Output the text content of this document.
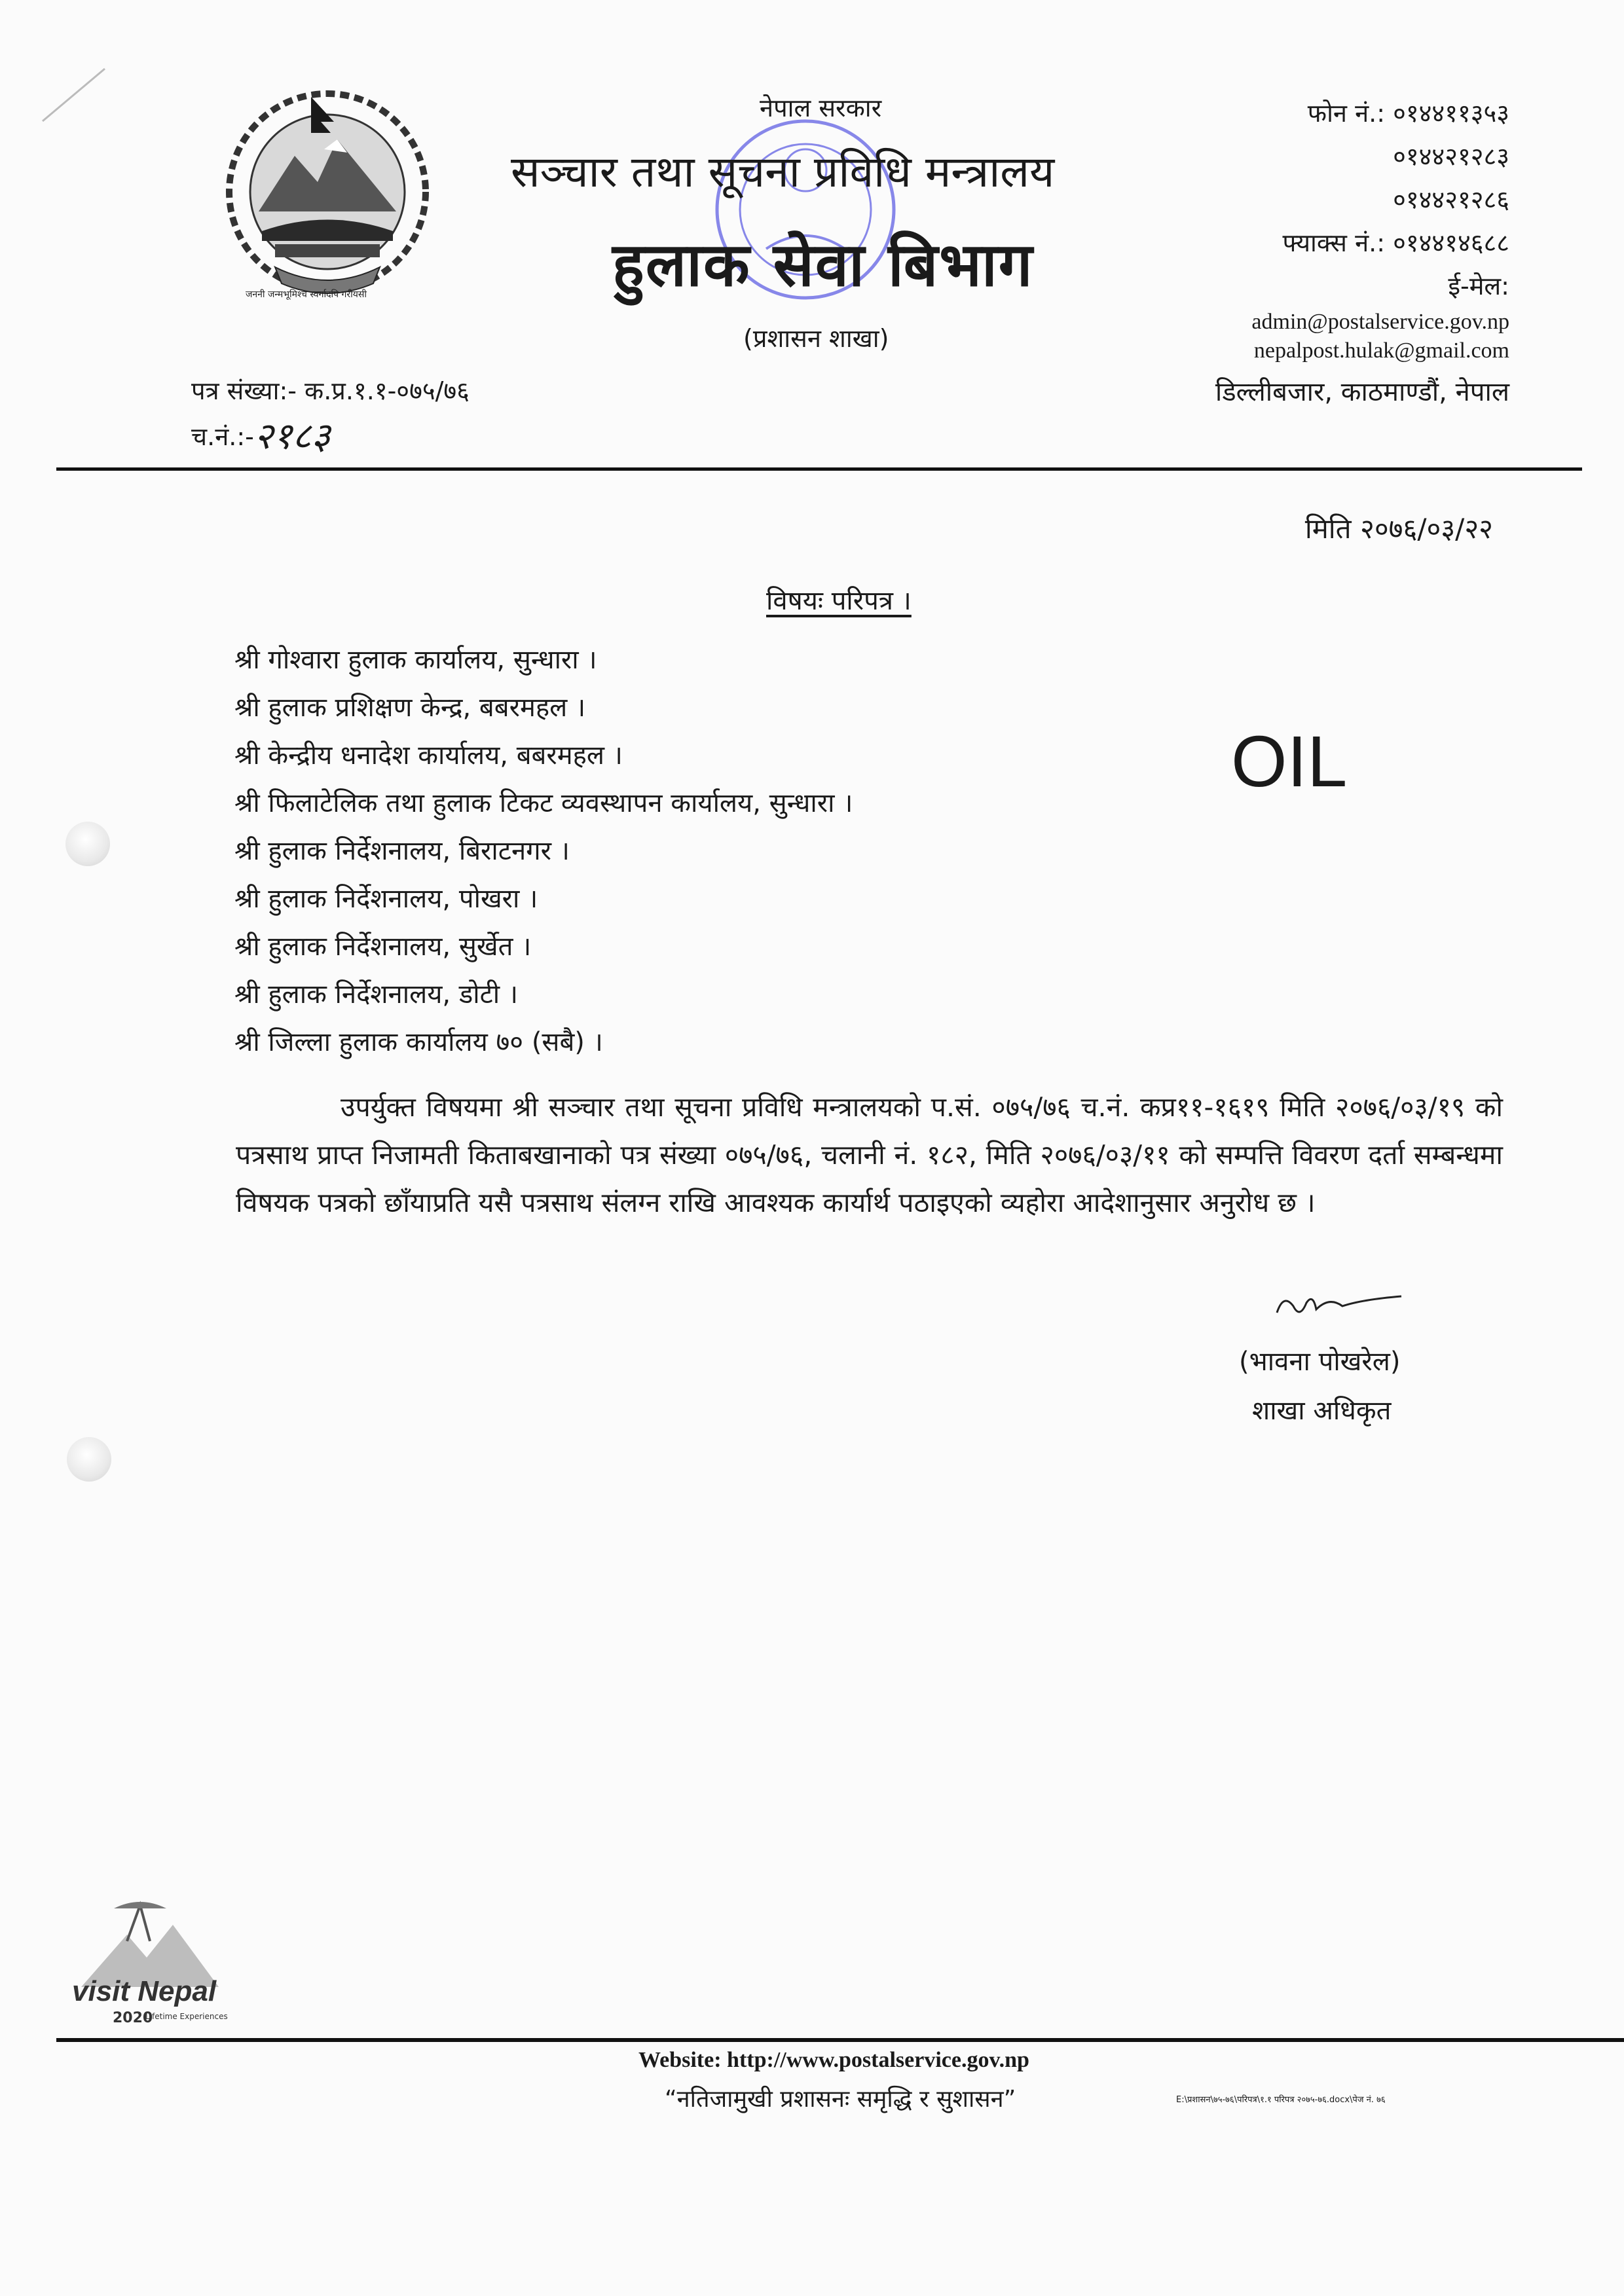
जननी जन्मभूमिश्च स्वर्गादपि गरीयसी
नेपाल सरकार
सञ्चार तथा सूचना प्रविधि मन्त्रालय
हुलाक सेवा बिभाग
(प्रशासन शाखा)
फोन नं.: ०१४४११३५३
०१४४२१२८३
०१४४२१२८६
फ्याक्स नं.: ०१४४१४६८८
ई-मेल:
admin@postalservice.gov.np
nepalpost.hulak@gmail.com
डिल्लीबजार, काठमाण्डौं, नेपाल
पत्र संख्या:- क.प्र.१.१-०७५/७६
च.नं.:- २१८३
मिति २०७६/०३/२२
विषयः परिपत्र ।
श्री गोश्वारा हुलाक कार्यालय, सुन्धारा ।
श्री हुलाक प्रशिक्षण केन्द्र, बबरमहल ।
श्री केन्द्रीय धनादेश कार्यालय, बबरमहल ।
श्री फिलाटेलिक तथा हुलाक टिकट व्यवस्थापन कार्यालय, सुन्धारा ।
श्री हुलाक निर्देशनालय, बिराटनगर ।
श्री हुलाक निर्देशनालय, पोखरा ।
श्री हुलाक निर्देशनालय, सुर्खेत ।
श्री हुलाक निर्देशनालय, डोटी ।
श्री जिल्ला हुलाक कार्यालय ७० (सबै) ।
OIL

उपर्युक्त विषयमा श्री सञ्चार तथा सूचना प्रविधि मन्त्रालयको प.सं. ०७५/७६ च.नं. कप्र११-१६१९ मिति २०७६/०३/१९ को पत्रसाथ प्राप्त निजामती किताबखानाको पत्र संख्या ०७५/७६, चलानी नं. १८२, मिति २०७६/०३/११ को सम्पत्ति विवरण दर्ता सम्बन्धमा विषयक पत्रको छाँयाप्रति यसै पत्रसाथ संलग्न राखि आवश्यक कार्यार्थ पठाइएको व्यहोरा आदेशानुसार अनुरोध छ ।

(भावना पोखरेल)
शाखा अधिकृत
visit Nepal
2020
Lifetime Experiences
Website: http://www.postalservice.gov.np
“नतिजामुखी प्रशासनः समृद्धि र सुशासन”	E:\प्रशासन\७५-७६\परिपत्र\१.१ परिपत्र २०७५-७६.docx\पेज नं. ७६
